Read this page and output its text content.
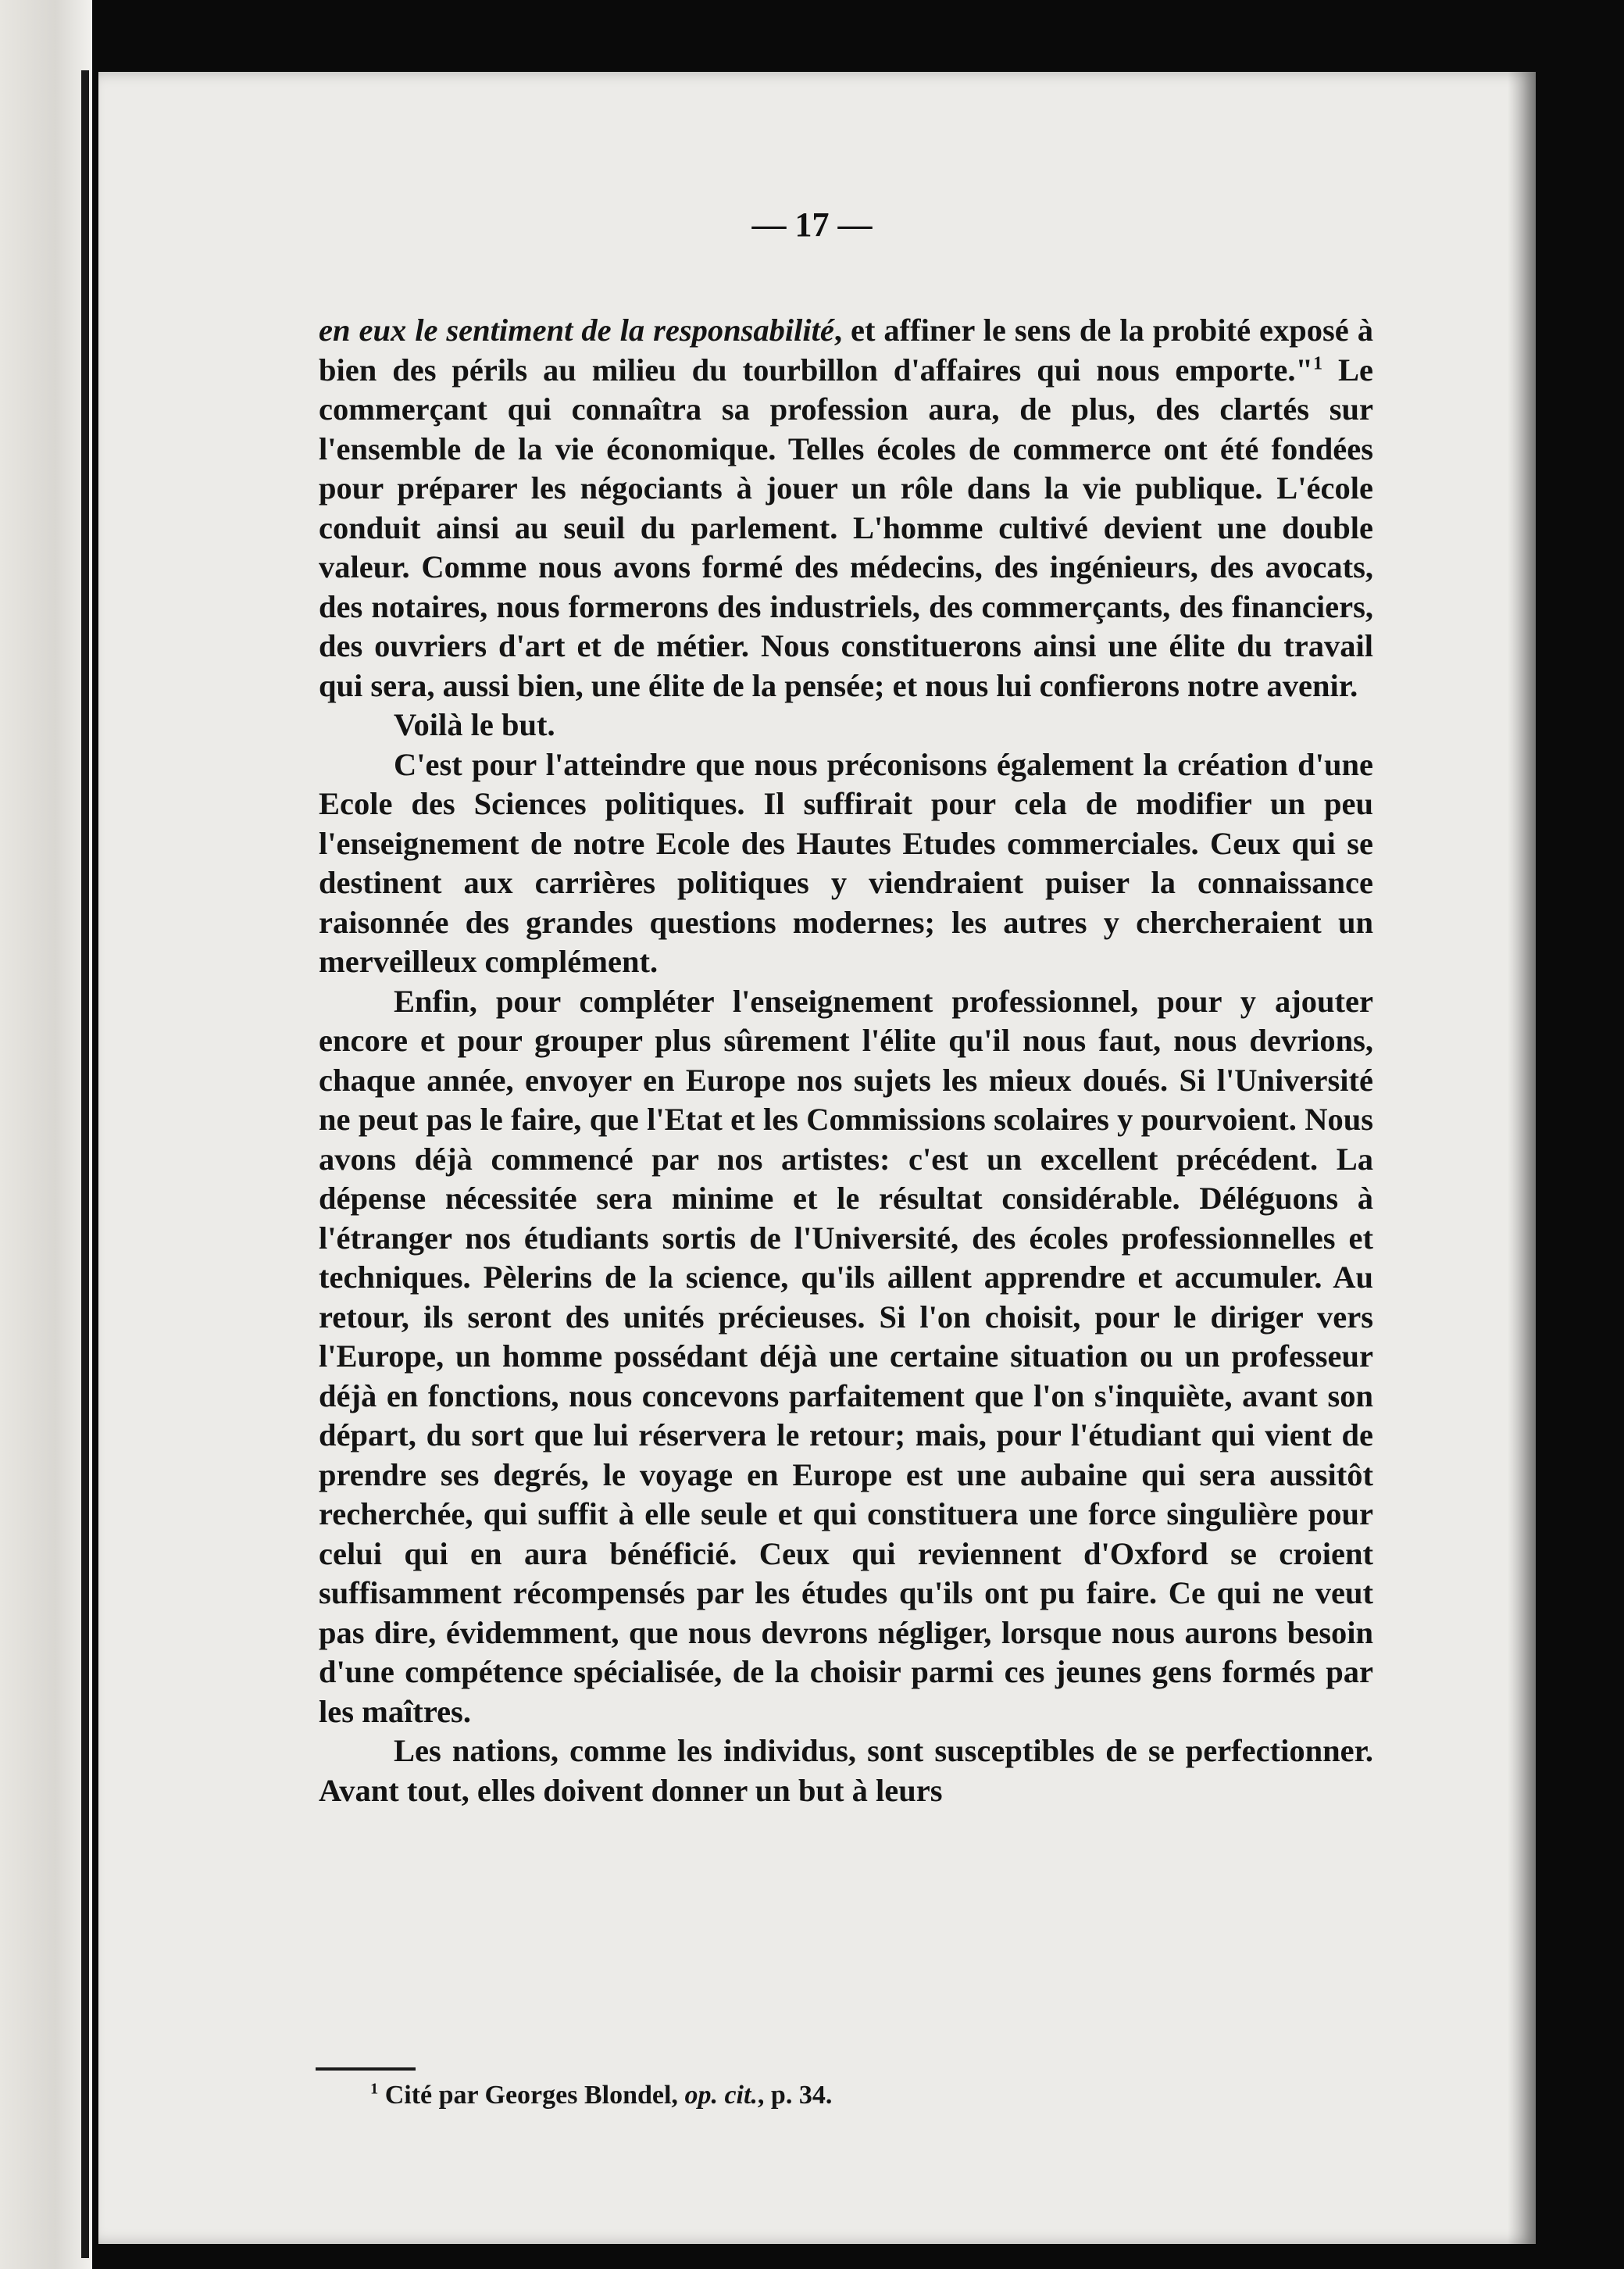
— 17 —

en eux le sentiment de la responsabilité, et affiner le sens de la probité exposé à bien des périls au milieu du tourbillon d'affaires qui nous emporte."$^1$ Le commerçant qui connaîtra sa profession aura, de plus, des clartés sur l'ensemble de la vie économique. Telles écoles de commerce ont été fondées pour préparer les négociants à jouer un rôle dans la vie publique. L'école conduit ainsi au seuil du parlement. L'homme cultivé devient une double valeur. Comme nous avons formé des médecins, des ingénieurs, des avocats, des notaires, nous formerons des industriels, des commerçants, des financiers, des ouvriers d'art et de métier. Nous constituerons ainsi une élite du travail qui sera, aussi bien, une élite de la pensée; et nous lui confierons notre avenir.

Voilà le but.

C'est pour l'atteindre que nous préconisons également la création d'une Ecole des Sciences politiques. Il suffirait pour cela de modifier un peu l'enseignement de notre Ecole des Hautes Etudes commerciales. Ceux qui se destinent aux carrières politiques y viendraient puiser la connaissance raisonnée des grandes questions modernes; les autres y chercheraient un merveilleux complément.

Enfin, pour compléter l'enseignement professionnel, pour y ajouter encore et pour grouper plus sûrement l'élite qu'il nous faut, nous devrions, chaque année, envoyer en Europe nos sujets les mieux doués. Si l'Université ne peut pas le faire, que l'Etat et les Commissions scolaires y pourvoient. Nous avons déjà commencé par nos artistes: c'est un excellent précédent. La dépense nécessitée sera minime et le résultat considérable. Déléguons à l'étranger nos étudiants sortis de l'Université, des écoles professionnelles et techniques. Pèlerins de la science, qu'ils aillent apprendre et accumuler. Au retour, ils seront des unités précieuses. Si l'on choisit, pour le diriger vers l'Europe, un homme possédant déjà une certaine situation ou un professeur déjà en fonctions, nous concevons parfaitement que l'on s'inquiète, avant son départ, du sort que lui réservera le retour; mais, pour l'étudiant qui vient de prendre ses degrés, le voyage en Europe est une aubaine qui sera aussitôt recherchée, qui suffit à elle seule et qui constituera une force singulière pour celui qui en aura bénéficié. Ceux qui reviennent d'Oxford se croient suffisamment récompensés par les études qu'ils ont pu faire. Ce qui ne veut pas dire, évidemment, que nous devrons négliger, lorsque nous aurons besoin d'une compétence spécialisée, de la choisir parmi ces jeunes gens formés par les maîtres.

Les nations, comme les individus, sont susceptibles de se perfectionner. Avant tout, elles doivent donner un but à leurs

$^1$ Cité par Georges Blondel, op. cit., p. 34.
